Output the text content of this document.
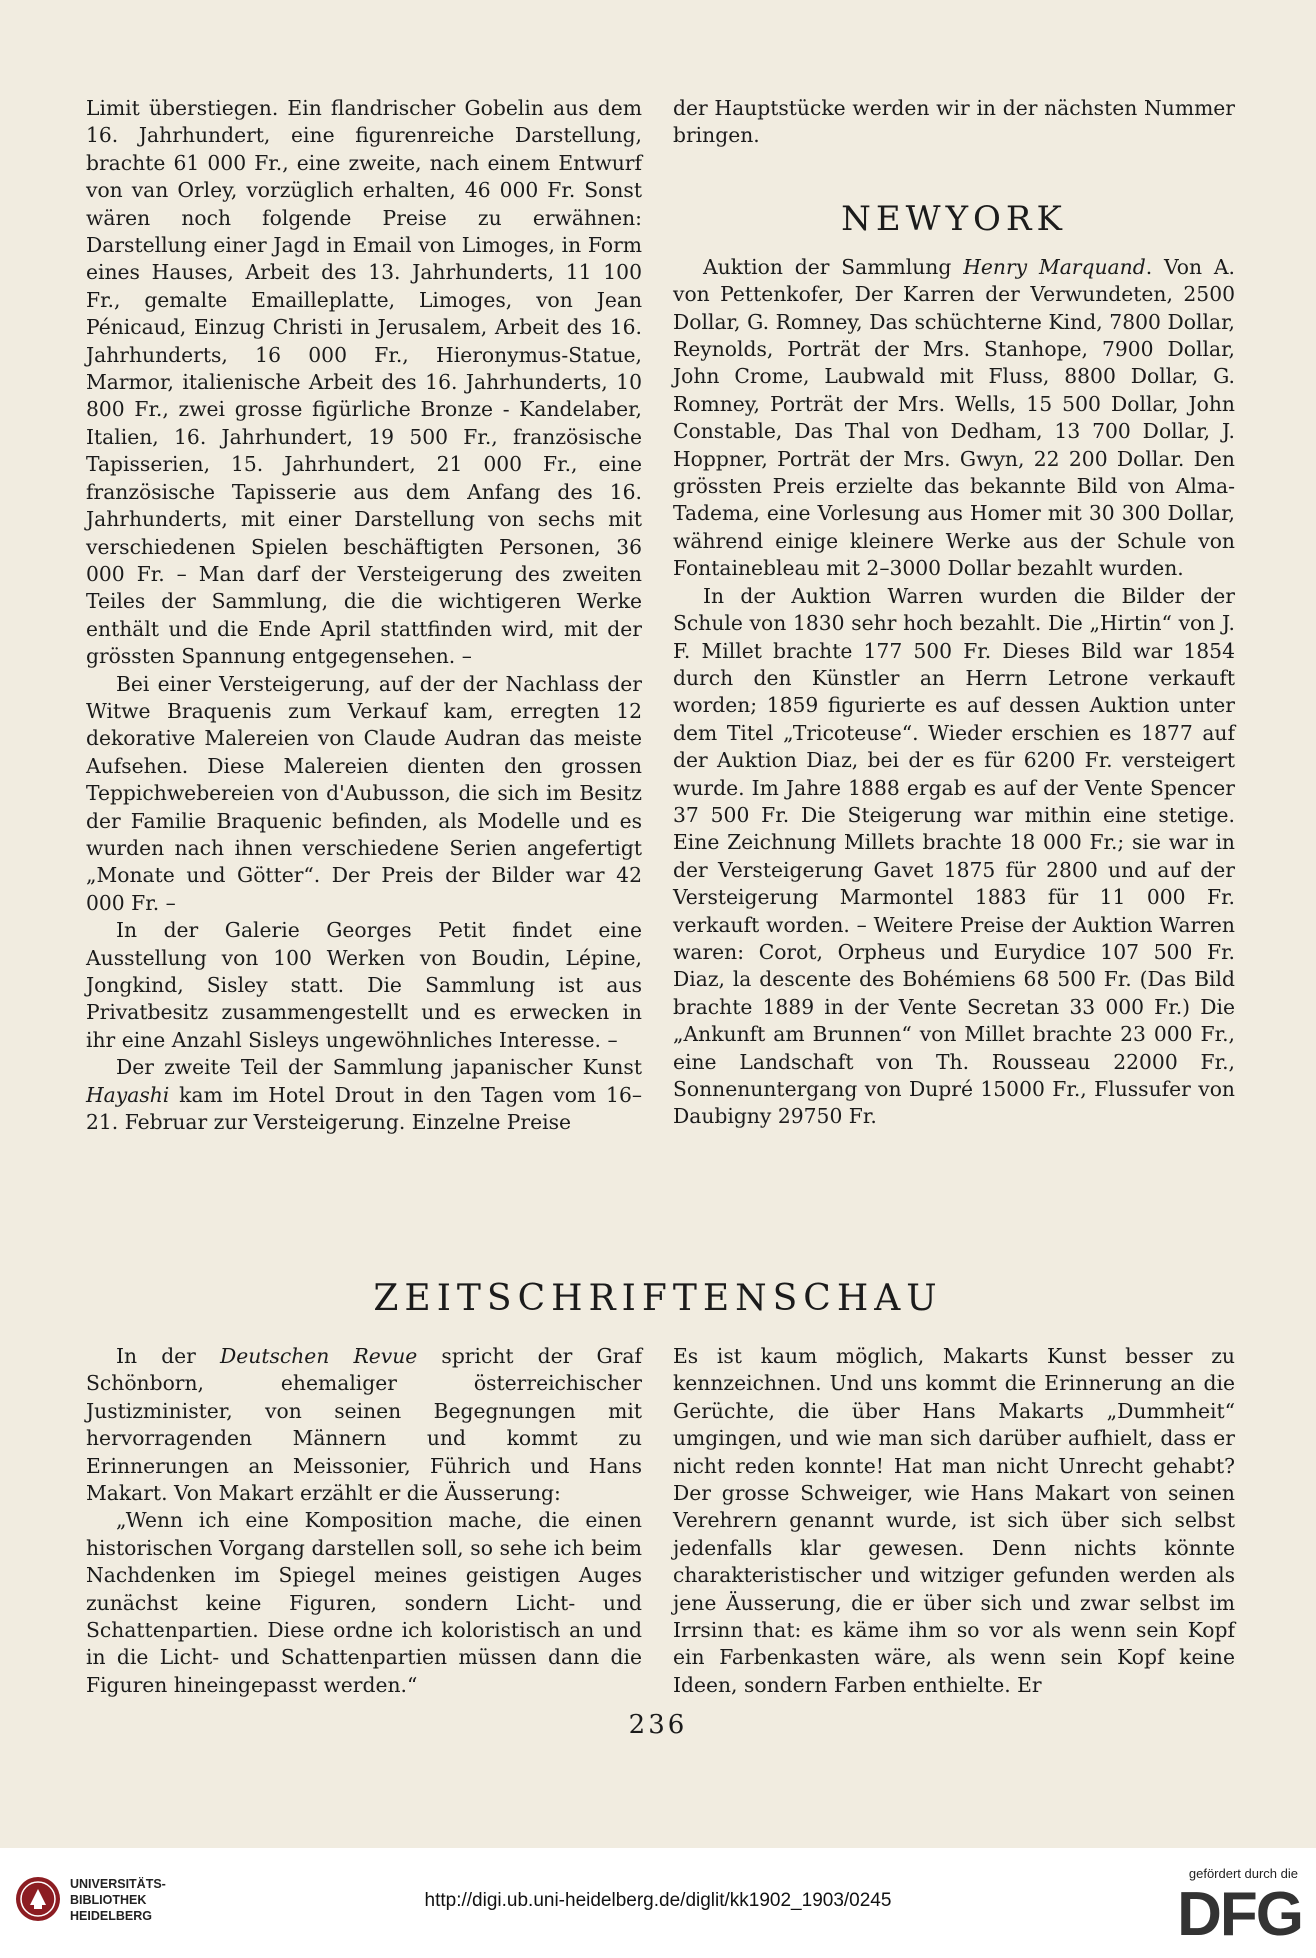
Limit überstiegen. Ein flandrischer Gobelin aus dem 16. Jahrhundert, eine figurenreiche Darstellung, brachte 61 000 Fr., eine zweite, nach einem Entwurf von van Orley, vorzüglich erhalten, 46 000 Fr. Sonst wären noch folgende Preise zu erwähnen: Darstellung einer Jagd in Email von Limoges, in Form eines Hauses, Arbeit des 13. Jahrhunderts, 11 100 Fr., gemalte Emailleplatte, Limoges, von Jean Pénicaud, Einzug Christi in Jerusalem, Arbeit des 16. Jahrhunderts, 16 000 Fr., Hieronymus-Statue, Marmor, italienische Arbeit des 16. Jahrhunderts, 10 800 Fr., zwei grosse figürliche Bronze - Kandelaber, Italien, 16. Jahrhundert, 19 500 Fr., französische Tapisserien, 15. Jahrhundert, 21 000 Fr., eine französische Tapisserie aus dem Anfang des 16. Jahrhunderts, mit einer Darstellung von sechs mit verschiedenen Spielen beschäftigten Personen, 36 000 Fr. – Man darf der Versteigerung des zweiten Teiles der Sammlung, die die wichtigeren Werke enthält und die Ende April stattfinden wird, mit der grössten Spannung entgegensehen. –

Bei einer Versteigerung, auf der der Nachlass der Witwe Braquenis zum Verkauf kam, erregten 12 dekorative Malereien von Claude Audran das meiste Aufsehen. Diese Malereien dienten den grossen Teppichwebereien von d'Aubusson, die sich im Besitz der Familie Braquenic befinden, als Modelle und es wurden nach ihnen verschiedene Serien angefertigt „Monate und Götter“. Der Preis der Bilder war 42 000 Fr. –

In der Galerie Georges Petit findet eine Ausstellung von 100 Werken von Boudin, Lépine, Jongkind, Sisley statt. Die Sammlung ist aus Privatbesitz zusammengestellt und es erwecken in ihr eine Anzahl Sisleys ungewöhnliches Interesse. –

Der zweite Teil der Sammlung japanischer Kunst Hayashi kam im Hotel Drout in den Tagen vom 16–21. Februar zur Versteigerung. Einzelne Preise

der Hauptstücke werden wir in der nächsten Nummer bringen.

NEWYORK

Auktion der Sammlung Henry Marquand. Von A. von Pettenkofer, Der Karren der Verwundeten, 2500 Dollar, G. Romney, Das schüchterne Kind, 7800 Dollar, Reynolds, Porträt der Mrs. Stanhope, 7900 Dollar, John Crome, Laubwald mit Fluss, 8800 Dollar, G. Romney, Porträt der Mrs. Wells, 15 500 Dollar, John Constable, Das Thal von Dedham, 13 700 Dollar, J. Hoppner, Porträt der Mrs. Gwyn, 22 200 Dollar. Den grössten Preis erzielte das bekannte Bild von Alma-Tadema, eine Vorlesung aus Homer mit 30 300 Dollar, während einige kleinere Werke aus der Schule von Fontainebleau mit 2–3000 Dollar bezahlt wurden.

In der Auktion Warren wurden die Bilder der Schule von 1830 sehr hoch bezahlt. Die „Hirtin“ von J. F. Millet brachte 177 500 Fr. Dieses Bild war 1854 durch den Künstler an Herrn Letrone verkauft worden; 1859 figurierte es auf dessen Auktion unter dem Titel „Tricoteuse“. Wieder erschien es 1877 auf der Auktion Diaz, bei der es für 6200 Fr. versteigert wurde. Im Jahre 1888 ergab es auf der Vente Spencer 37 500 Fr. Die Steigerung war mithin eine stetige. Eine Zeichnung Millets brachte 18 000 Fr.; sie war in der Versteigerung Gavet 1875 für 2800 und auf der Versteigerung Marmontel 1883 für 11 000 Fr. verkauft worden. – Weitere Preise der Auktion Warren waren: Corot, Orpheus und Eurydice 107 500 Fr. Diaz, la descente des Bohémiens 68 500 Fr. (Das Bild brachte 1889 in der Vente Secretan 33 000 Fr.) Die „Ankunft am Brunnen“ von Millet brachte 23 000 Fr., eine Landschaft von Th. Rousseau 22000 Fr., Sonnenuntergang von Dupré 15000 Fr., Flussufer von Daubigny 29750 Fr.

ZEITSCHRIFTENSCHAU

In der Deutschen Revue spricht der Graf Schönborn, ehemaliger österreichischer Justizminister, von seinen Begegnungen mit hervorragenden Männern und kommt zu Erinnerungen an Meissonier, Führich und Hans Makart. Von Makart erzählt er die Äusserung:

„Wenn ich eine Komposition mache, die einen historischen Vorgang darstellen soll, so sehe ich beim Nachdenken im Spiegel meines geistigen Auges zunächst keine Figuren, sondern Licht- und Schattenpartien. Diese ordne ich koloristisch an und in die Licht- und Schattenpartien müssen dann die Figuren hineingepasst werden.“

Es ist kaum möglich, Makarts Kunst besser zu kennzeichnen. Und uns kommt die Erinnerung an die Gerüchte, die über Hans Makarts „Dummheit“ umgingen, und wie man sich darüber aufhielt, dass er nicht reden konnte! Hat man nicht Unrecht gehabt? Der grosse Schweiger, wie Hans Makart von seinen Verehrern genannt wurde, ist sich über sich selbst jedenfalls klar gewesen. Denn nichts könnte charakteristischer und witziger gefunden werden als jene Äusserung, die er über sich und zwar selbst im Irrsinn that: es käme ihm so vor als wenn sein Kopf ein Farbenkasten wäre, als wenn sein Kopf keine Ideen, sondern Farben enthielte. Er

236
UNIVERSITÄTS-
BIBLIOTHEK
HEIDELBERG
http://digi.ub.uni-heidelberg.de/diglit/kk1902_1903/0245
gefördert durch die
DFG
